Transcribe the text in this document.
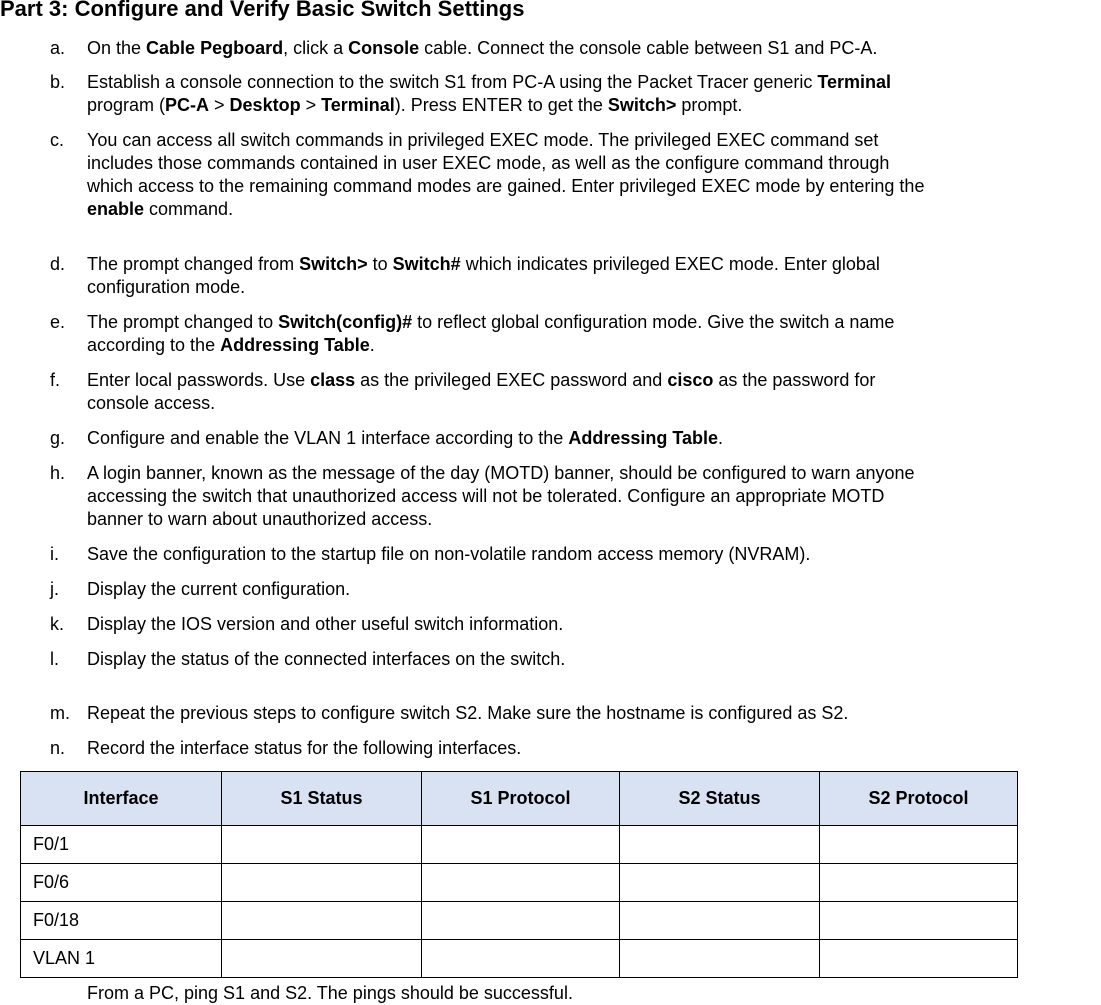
Part 3: Configure and Verify Basic Switch Settings
a. On the Cable Pegboard, click a Console cable. Connect the console cable between S1 and PC-A.
b. Establish a console connection to the switch S1 from PC-A using the Packet Tracer generic Terminal
program (PC-A > Desktop > Terminal). Press ENTER to get the Switch> prompt.
c. You can access all switch commands in privileged EXEC mode. The privileged EXEC command set
includes those commands contained in user EXEC mode, as well as the configure command through
which access to the remaining command modes are gained. Enter privileged EXEC mode by entering the
enable command.
d. The prompt changed from Switch> to Switch# which indicates privileged EXEC mode. Enter global
configuration mode.
e. The prompt changed to Switch(config)# to reflect global configuration mode. Give the switch a name
according to the Addressing Table.
f. Enter local passwords. Use class as the privileged EXEC password and cisco as the password for
console access.
g. Configure and enable the VLAN 1 interface according to the Addressing Table.
h. A login banner, known as the message of the day (MOTD) banner, should be configured to warn anyone
accessing the switch that unauthorized access will not be tolerated. Configure an appropriate MOTD
banner to warn about unauthorized access.
i. Save the configuration to the startup file on non-volatile random access memory (NVRAM).
j. Display the current configuration.
k. Display the IOS version and other useful switch information.
l. Display the status of the connected interfaces on the switch.
m. Repeat the previous steps to configure switch S2. Make sure the hostname is configured as S2.
n. Record the interface status for the following interfaces.
Interface	S1 Status	S1 Protocol	S2 Status	S2 Protocol
F0/1				
F0/6				
F0/18				
VLAN 1				
From a PC, ping S1 and S2. The pings should be successful.
